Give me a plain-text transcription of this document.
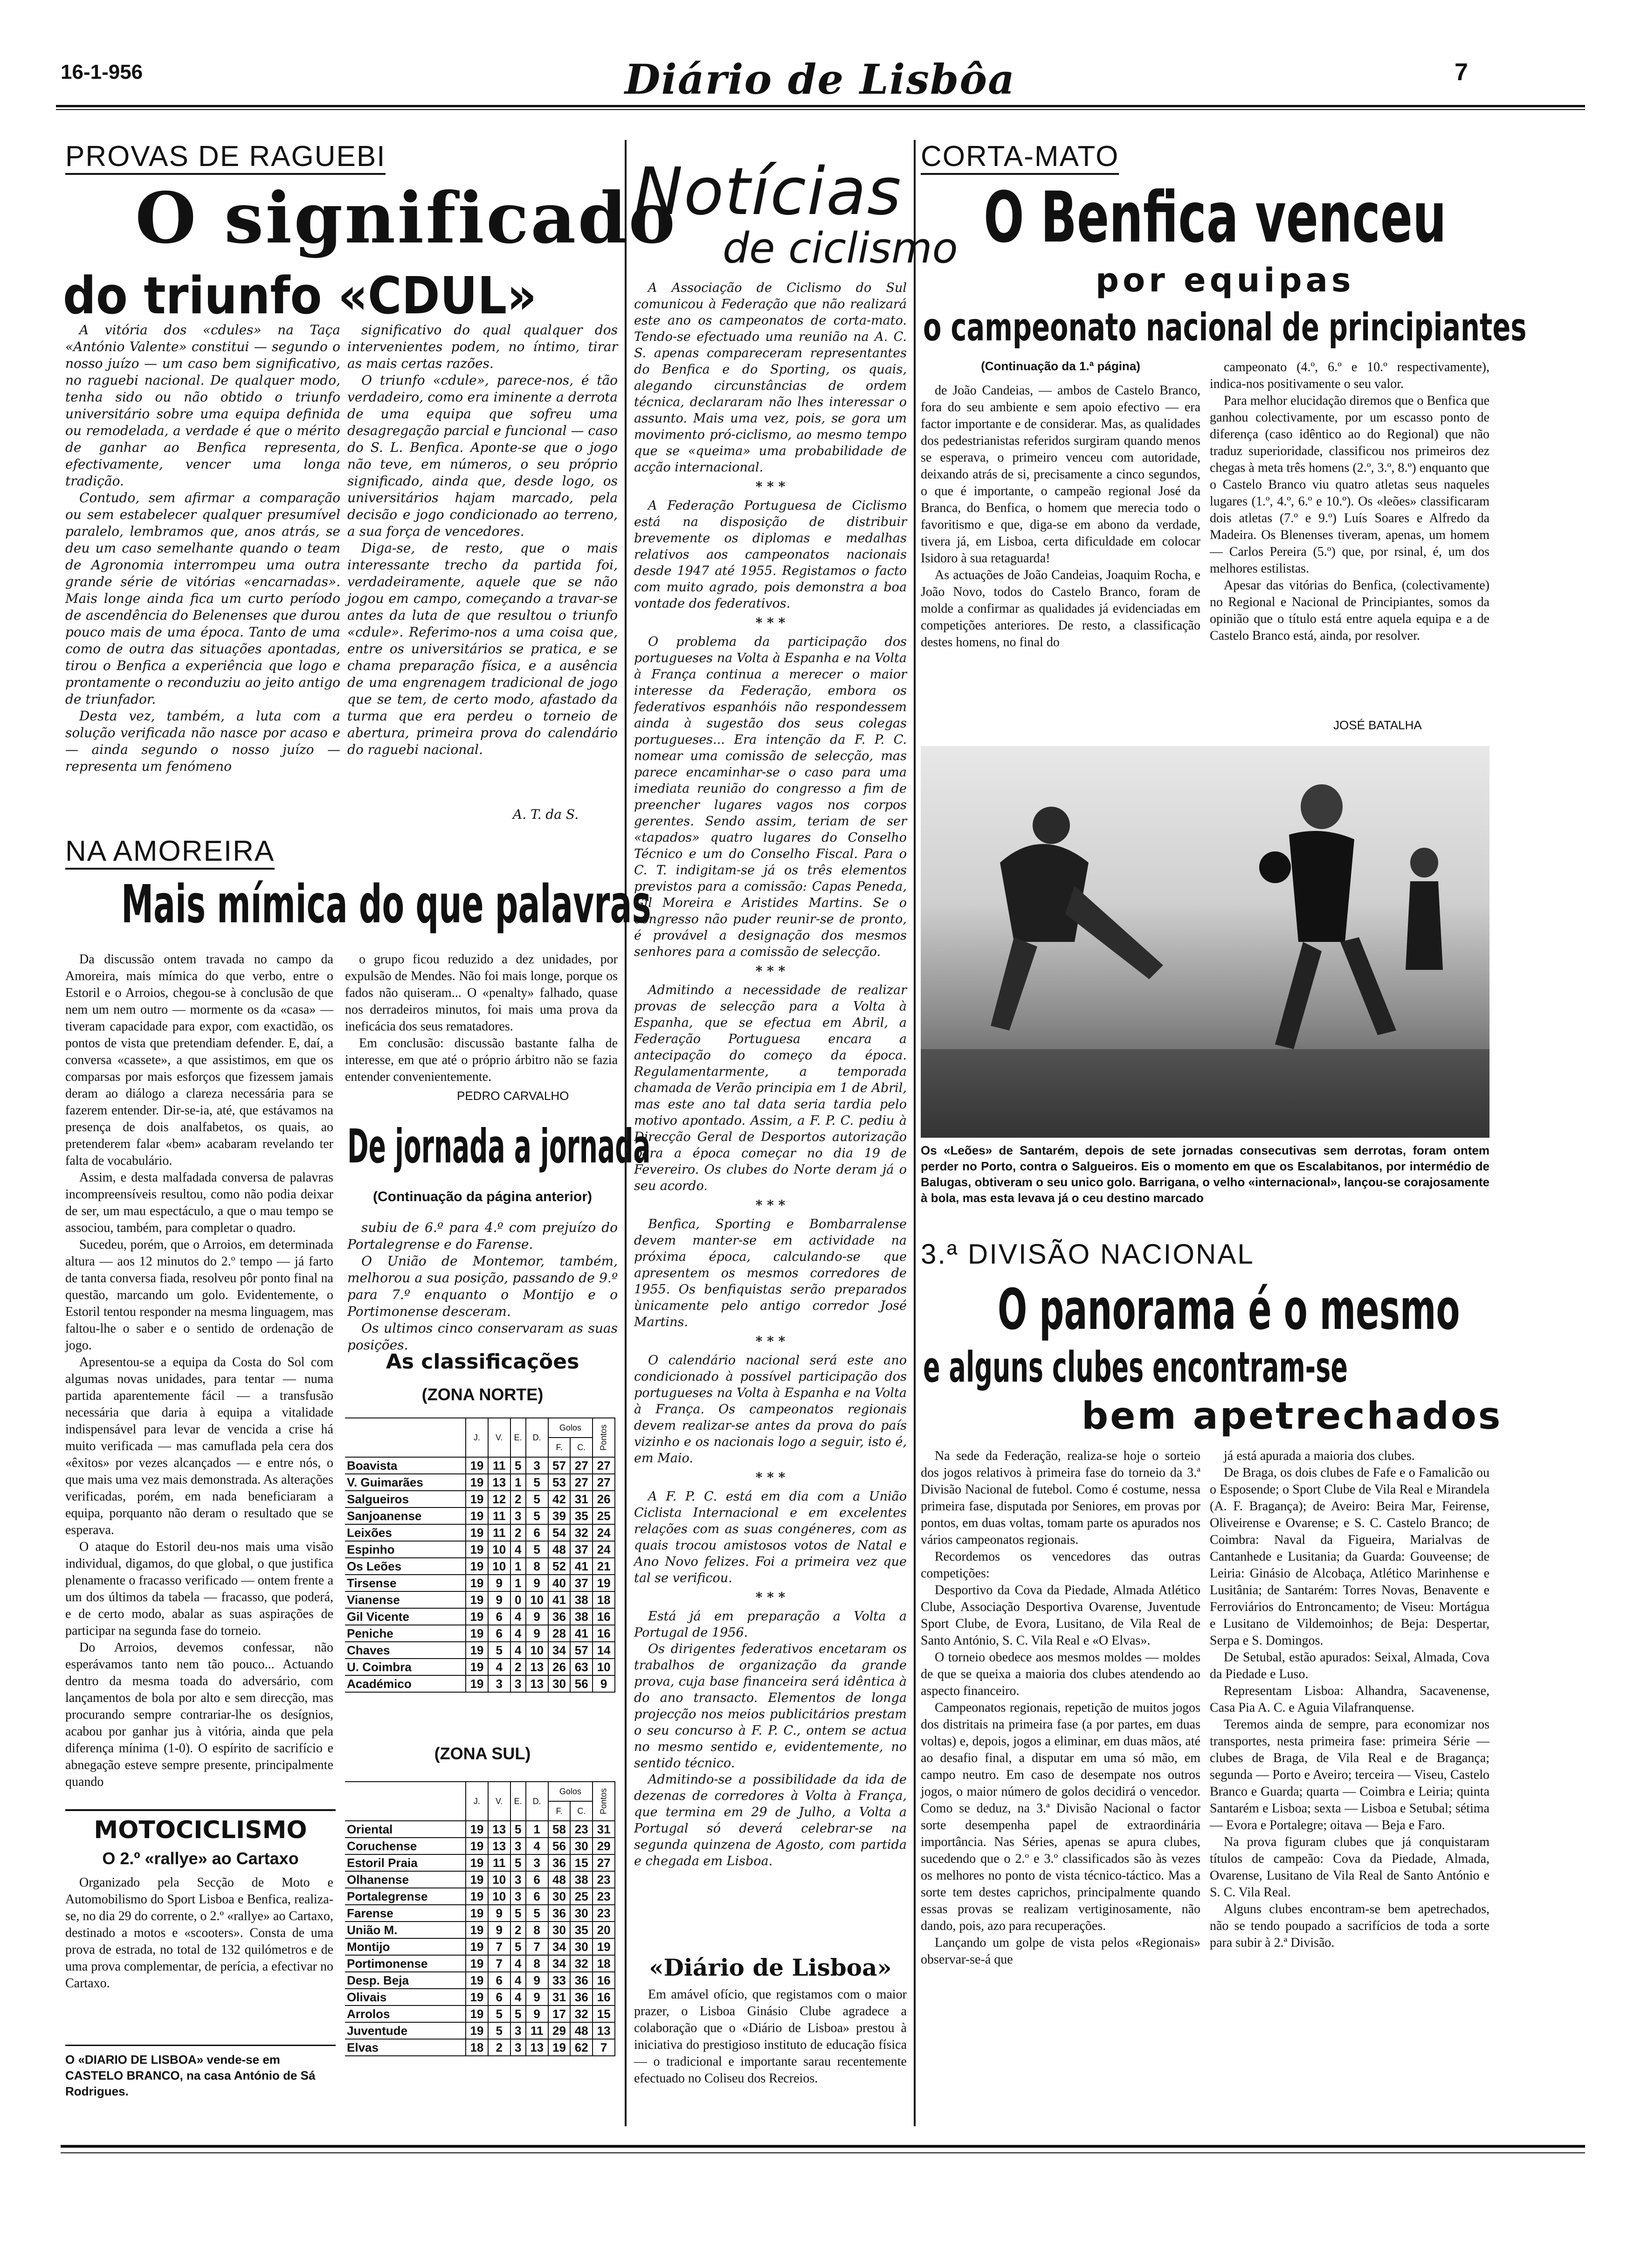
16-1-956	Diário de Lisbôa	7
PROVAS DE RAGUEBI
O significado
do triunfo «CDUL»

A vitória dos «cdules» na Taça «António Valente» constitui — segundo o nosso juízo — um caso bem significativo, no raguebi nacional. De qualquer modo, tenha sido ou não obtido o triunfo universitário sobre uma equipa definida ou remodelada, a verdade é que o mérito de ganhar ao Benfica representa, efectivamente, vencer uma longa tradição.

Contudo, sem afirmar a comparação ou sem estabelecer qualquer presumível paralelo, lembramos que, anos atrás, se deu um caso semelhante quando o team de Agronomia interrompeu uma outra grande série de vitórias «encarnadas». Mais longe ainda fica um curto período de ascendência do Belenenses que durou pouco mais de uma época. Tanto de uma como de outra das situações apontadas, tirou o Benfica a experiência que logo e prontamente o reconduziu ao jeito antigo de triunfador.

Desta vez, também, a luta com a solução verificada não nasce por acaso e — ainda segundo o nosso juízo — representa um fenómeno

significativo do qual qualquer dos intervenientes podem, no íntimo, tirar as mais certas razões.

O triunfo «cdule», parece-nos, é tão verdadeiro, como era iminente a derrota de uma equipa que sofreu uma desagregação parcial e funcional — caso do S. L. Benfica. Aponte-se que o jogo não teve, em números, o seu próprio significado, ainda que, desde logo, os universitários hajam marcado, pela decisão e jogo condicionado ao terreno, a sua força de vencedores.

Diga-se, de resto, que o mais interessante trecho da partida foi, verdadeiramente, aquele que se não jogou em campo, começando a travar-se antes da luta de que resultou o triunfo «cdule». Referimo-nos a uma coisa que, entre os universitários se pratica, e se chama preparação física, e a ausência de uma engrenagem tradicional de jogo que se tem, de certo modo, afastado da turma que era perdeu o torneio de abertura, primeira prova do calendário do raguebi nacional.

A. T. da S.
NA AMOREIRA
Mais mímica do que palavras

Da discussão ontem travada no campo da Amoreira, mais mímica do que verbo, entre o Estoril e o Arroios, chegou-se à conclusão de que nem um nem outro — mormente os da «casa» — tiveram capacidade para expor, com exactidão, os pontos de vista que pretendiam defender. E, daí, a conversa «cassete», a que assistimos, em que os comparsas por mais esforços que fizessem jamais deram ao diálogo a clareza necessária para se fazerem entender. Dir-se-ia, até, que estávamos na presença de dois analfabetos, os quais, ao pretenderem falar «bem» acabaram revelando ter falta de vocabulário.

Assim, e desta malfadada conversa de palavras incompreensíveis resultou, como não podia deixar de ser, um mau espectáculo, a que o mau tempo se associou, também, para completar o quadro.

Sucedeu, porém, que o Arroios, em determinada altura — aos 12 minutos do 2.º tempo — já farto de tanta conversa fiada, resolveu pôr ponto final na questão, marcando um golo. Evidentemente, o Estoril tentou responder na mesma linguagem, mas faltou-lhe o saber e o sentido de ordenação de jogo.

Apresentou-se a equipa da Costa do Sol com algumas novas unidades, para tentar — numa partida aparentemente fácil — a transfusão necessária que daria à equipa a vitalidade indispensável para levar de vencida a crise há muito verificada — mas camuflada pela cera dos «êxitos» por vezes alcançados — e entre nós, o que mais uma vez mais demonstrada. As alterações verificadas, porém, em nada beneficiaram a equipa, porquanto não deram o resultado que se esperava.

O ataque do Estoril deu-nos mais uma visão individual, digamos, do que global, o que justifica plenamente o fracasso verificado — ontem frente a um dos últimos da tabela — fracasso, que poderá, e de certo modo, abalar as suas aspirações de participar na segunda fase do torneio.

Do Arroios, devemos confessar, não esperávamos tanto nem tão pouco... Actuando dentro da mesma toada do adversário, com lançamentos de bola por alto e sem direcção, mas procurando sempre contrariar-lhe os desígnios, acabou por ganhar jus à vitória, ainda que pela diferença mínima (1-0). O espírito de sacrifício e abnegação esteve sempre presente, principalmente quando

o grupo ficou reduzido a dez unidades, por expulsão de Mendes. Não foi mais longe, porque os fados não quiseram... O «penalty» falhado, quase nos derradeiros minutos, foi mais uma prova da ineficácia dos seus rematadores.

Em conclusão: discussão bastante falha de interesse, em que até o próprio árbitro não se fazia entender convenientemente.

PEDRO CARVALHO
De jornada a jornada
(Continuação da página anterior)

subiu de 6.º para 4.º com prejuízo do Portalegrense e do Farense.

O União de Montemor, também, melhorou a sua posição, passando de 9.º para 7.º enquanto o Montijo e o Portimonense desceram.

Os ultimos cinco conservaram as suas posições.

As classificações
(ZONA NORTE)
	J.	V.	E.	D.	Golos		Pontos
					F.	C.	
Boavista	19	11	5	3	57	27	27
V. Guimarães	19	13	1	5	53	27	27
Salgueiros	19	12	2	5	42	31	26
Sanjoanense	19	11	3	5	39	35	25
Leixões	19	11	2	6	54	32	24
Espinho	19	10	4	5	48	37	24
Os Leões	19	10	1	8	52	41	21
Tirsense	19	9	1	9	40	37	19
Vianense	19	9	0	10	41	38	18
Gil Vicente	19	6	4	9	36	38	16
Peniche	19	6	4	9	28	41	16
Chaves	19	5	4	10	34	57	14
U. Coimbra	19	4	2	13	26	63	10
Académico	19	3	3	13	30	56	9
(ZONA SUL)
	J.	V.	E.	D.	Golos		Pontos
					F.	C.	
Oriental	19	13	5	1	58	23	31
Coruchense	19	13	3	4	56	30	29
Estoril Praia	19	11	5	3	36	15	27
Olhanense	19	10	3	6	48	38	23
Portalegrense	19	10	3	6	30	25	23
Farense	19	9	5	5	36	30	23
União M.	19	9	2	8	30	35	20
Montijo	19	7	5	7	34	30	19
Portimonense	19	7	4	8	34	32	18
Desp. Beja	19	6	4	9	33	36	16
Olivais	19	6	4	9	31	36	16
Arrolos	19	5	5	9	17	32	15
Juventude	19	5	3	11	29	48	13
Elvas	18	2	3	13	19	62	7
MOTOCICLISMO
O 2.º «rallye» ao Cartaxo

Organizado pela Secção de Moto e Automobilismo do Sport Lisboa e Benfica, realiza-se, no dia 29 do corrente, o 2.º «rallye» ao Cartaxo, destinado a motos e «scooters». Consta de uma prova de estrada, no total de 132 quilómetros e de uma prova complementar, de perícia, a efectivar no Cartaxo.

O «DIARIO DE LISBOA» vende-se em CASTELO BRANCO, na casa António de Sá Rodrigues.
Notícias
de ciclismo

A Associação de Ciclismo do Sul comunicou à Federação que não realizará este ano os campeonatos de corta-mato. Tendo-se efectuado uma reunião na A. C. S. apenas compareceram representantes do Benfica e do Sporting, os quais, alegando circunstâncias de ordem técnica, declararam não lhes interessar o assunto. Mais uma vez, pois, se gora um movimento pró-ciclismo, ao mesmo tempo que se «queima» uma probabilidade de acção internacional.

* * *

A Federação Portuguesa de Ciclismo está na disposição de distribuir brevemente os diplomas e medalhas relativos aos campeonatos nacionais desde 1947 até 1955. Registamos o facto com muito agrado, pois demonstra a boa vontade dos federativos.

* * *

O problema da participação dos portugueses na Volta à Espanha e na Volta à França continua a merecer o maior interesse da Federação, embora os federativos espanhóis não respondessem ainda à sugestão dos seus colegas portugueses... Era intenção da F. P. C. nomear uma comissão de selecção, mas parece encaminhar-se o caso para uma imediata reunião do congresso a fim de preencher lugares vagos nos corpos gerentes. Sendo assim, teriam de ser «tapados» quatro lugares do Conselho Técnico e um do Conselho Fiscal. Para o C. T. indigitam-se já os três elementos previstos para a comissão: Capas Peneda, Gil Moreira e Aristides Martins. Se o congresso não puder reunir-se de pronto, é provável a designação dos mesmos senhores para a comissão de selecção.

* * *

Admitindo a necessidade de realizar provas de selecção para a Volta à Espanha, que se efectua em Abril, a Federação Portuguesa encara a antecipação do começo da época. Regulamentarmente, a temporada chamada de Verão principia em 1 de Abril, mas este ano tal data seria tardia pelo motivo apontado. Assim, a F. P. C. pediu à Direcção Geral de Desportos autorização para a época começar no dia 19 de Fevereiro. Os clubes do Norte deram já o seu acordo.

* * *

Benfica, Sporting e Bombarralense devem manter-se em actividade na próxima época, calculando-se que apresentem os mesmos corredores de 1955. Os benfiquistas serão preparados ùnicamente pelo antigo corredor José Martins.

* * *

O calendário nacional será este ano condicionado à possível participação dos portugueses na Volta à Espanha e na Volta à França. Os campeonatos regionais devem realizar-se antes da prova do país vizinho e os nacionais logo a seguir, isto é, em Maio.

* * *

A F. P. C. está em dia com a União Ciclista Internacional e em excelentes relações com as suas congéneres, com as quais trocou amistosos votos de Natal e Ano Novo felizes. Foi a primeira vez que tal se verificou.

* * *

Está já em preparação a Volta a Portugal de 1956.

Os dirigentes federativos encetaram os trabalhos de organização da grande prova, cuja base financeira será idêntica à do ano transacto. Elementos de longa projecção nos meios publicitários prestam o seu concurso à F. P. C., ontem se actua no mesmo sentido e, evidentemente, no sentido técnico.

Admitindo-se a possibilidade da ida de dezenas de corredores à Volta à França, que termina em 29 de Julho, a Volta a Portugal só deverá celebrar-se na segunda quinzena de Agosto, com partida e chegada em Lisboa.

«Diário de Lisboa»

Em amável ofício, que registamos com o maior prazer, o Lisboa Ginásio Clube agradece a colaboração que o «Diário de Lisboa» prestou à iniciativa do prestigioso instituto de educação física — o tradicional e importante sarau recentemente efectuado no Coliseu dos Recreios.

CORTA-MATO
O Benfica venceu
por equipas
o campeonato nacional de principiantes
(Continuação da 1.ª página)

de João Candeias, — ambos de Castelo Branco, fora do seu ambiente e sem apoio efectivo — era factor importante e de considerar. Mas, as qualidades dos pedestrianistas referidos surgiram quando menos se esperava, o primeiro venceu com autoridade, deixando atrás de si, precisamente a cinco segundos, o que é importante, o campeão regional José da Branca, do Benfica, o homem que merecia todo o favoritismo e que, diga-se em abono da verdade, tivera já, em Lisboa, certa dificuldade em colocar Isidoro à sua retaguarda!

As actuações de João Candeias, Joaquim Rocha, e João Novo, todos do Castelo Branco, foram de molde a confirmar as qualidades já evidenciadas em competições anteriores. De resto, a classificação destes homens, no final do

campeonato (4.º, 6.º e 10.º respectivamente), indica-nos positivamente o seu valor.

Para melhor elucidação diremos que o Benfica que ganhou colectivamente, por um escasso ponto de diferença (caso idêntico ao do Regional) que não traduz superioridade, classificou nos primeiros dez chegas à meta três homens (2.º, 3.º, 8.º) enquanto que o Castelo Branco viu quatro atletas seus naqueles lugares (1.º, 4.º, 6.º e 10.º). Os «leões» classificaram dois atletas (7.º e 9.º) Luís Soares e Alfredo da Madeira. Os Blenenses tiveram, apenas, um homem — Carlos Pereira (5.º) que, por rsinal, é, um dos melhores estilistas.

Apesar das vitórias do Benfica, (colectivamente) no Regional e Nacional de Principiantes, somos da opinião que o título está entre aquela equipa e a de Castelo Branco está, ainda, por resolver.

JOSÉ BATALHA
Os «Leões» de Santarém, depois de sete jornadas consecutivas sem derrotas, foram ontem perder no Porto, contra o Salgueiros. Eis o momento em que os Escalabitanos, por intermédio de Balugas, obtiveram o seu unico golo. Barrigana, o velho «internacional», lançou-se corajosamente à bola, mas esta levava já o ceu destino marcado
3.ª DIVISÃO NACIONAL
O panorama é o mesmo
e alguns clubes encontram-se
bem apetrechados

Na sede da Federação, realiza-se hoje o sorteio dos jogos relativos à primeira fase do torneio da 3.ª Divisão Nacional de futebol. Como é costume, nessa primeira fase, disputada por Seniores, em provas por pontos, em duas voltas, tomam parte os apurados nos vários campeonatos regionais.

Recordemos os vencedores das outras competições:

Desportivo da Cova da Piedade, Almada Atlético Clube, Associação Desportiva Ovarense, Juventude Sport Clube, de Evora, Lusitano, de Vila Real de Santo António, S. C. Vila Real e «O Elvas».

O torneio obedece aos mesmos moldes — moldes de que se queixa a maioria dos clubes atendendo ao aspecto financeiro.

Campeonatos regionais, repetição de muitos jogos dos distritais na primeira fase (a por partes, em duas voltas) e, depois, jogos a eliminar, em duas mãos, até ao desafio final, a disputar em uma só mão, em campo neutro. Em caso de desempate nos outros jogos, o maior número de golos decidirá o vencedor. Como se deduz, na 3.ª Divisão Nacional o factor sorte desempenha papel de extraordinária importância. Nas Séries, apenas se apura clubes, sucedendo que o 2.º e 3.º classificados são às vezes os melhores no ponto de vista técnico-táctico. Mas a sorte tem destes caprichos, principalmente quando essas provas se realizam vertiginosamente, não dando, pois, azo para recuperações.

Lançando um golpe de vista pelos «Regionais» observar-se-á que

já está apurada a maioria dos clubes.

De Braga, os dois clubes de Fafe e o Famalicão ou o Esposende; o Sport Clube de Vila Real e Mirandela (A. F. Bragança); de Aveiro: Beira Mar, Feirense, Oliveirense e Ovarense; e S. C. Castelo Branco; de Coimbra: Naval da Figueira, Marialvas de Cantanhede e Lusitania; da Guarda: Gouveense; de Leiria: Ginásio de Alcobaça, Atlético Marinhense e Lusitânia; de Santarém: Torres Novas, Benavente e Ferroviários do Entroncamento; de Viseu: Mortágua e Lusitano de Vildemoinhos; de Beja: Despertar, Serpa e S. Domingos.

De Setubal, estão apurados: Seixal, Almada, Cova da Piedade e Luso.

Representam Lisboa: Alhandra, Sacavenense, Casa Pia A. C. e Aguia Vilafranquense.

Teremos ainda de sempre, para economizar nos transportes, nesta primeira fase: primeira Série — clubes de Braga, de Vila Real e de Bragança; segunda — Porto e Aveiro; terceira — Viseu, Castelo Branco e Guarda; quarta — Coimbra e Leiria; quinta Santarém e Lisboa; sexta — Lisboa e Setubal; sétima — Evora e Portalegre; oitava — Beja e Faro.

Na prova figuram clubes que já conquistaram títulos de campeão: Cova da Piedade, Almada, Ovarense, Lusitano de Vila Real de Santo António e S. C. Vila Real.

Alguns clubes encontram-se bem apetrechados, não se tendo poupado a sacrifícios de toda a sorte para subir à 2.ª Divisão.
